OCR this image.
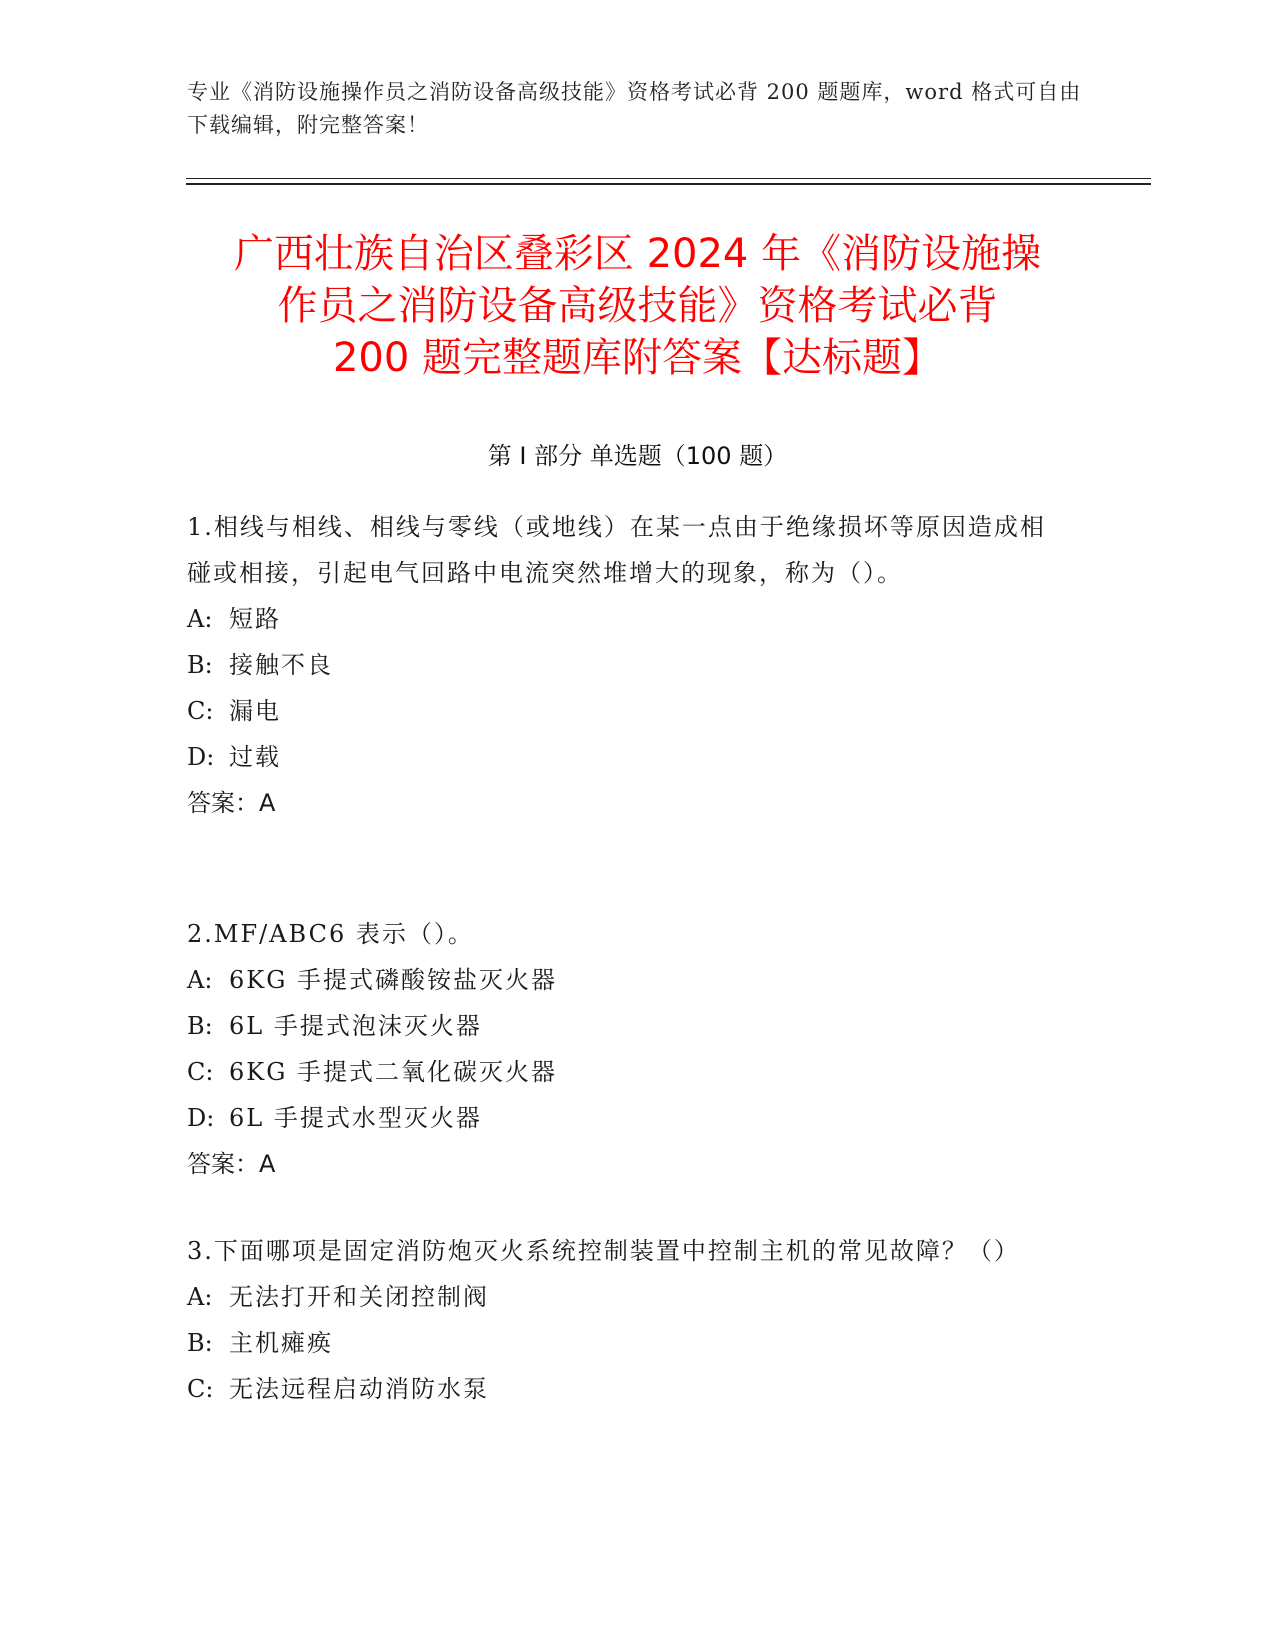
专业《消防设施操作员之消防设备高级技能》资格考试必背 200 题题库，word 格式可自由下载编辑，附完整答案！
广西壮族自治区叠彩区 2024 年《消防设施操
作员之消防设备高级技能》资格考试必背
200 题完整题库附答案【达标题】
第 I 部分 单选题（100 题）

1.相线与相线、相线与零线（或地线）在某一点由于绝缘损坏等原因造成相碰或相接，引起电气回路中电流突然堆增大的现象，称为（）。

A: 短路

B: 接触不良

C: 漏电

D: 过载

答案：A

2.MF/ABC6 表示（）。

A: 6KG 手提式磷酸铵盐灭火器

B: 6L 手提式泡沫灭火器

C: 6KG 手提式二氧化碳灭火器

D: 6L 手提式水型灭火器

答案：A

3.下面哪项是固定消防炮灭火系统控制装置中控制主机的常见故障？（）

A: 无法打开和关闭控制阀

B: 主机瘫痪

C: 无法远程启动消防水泵
